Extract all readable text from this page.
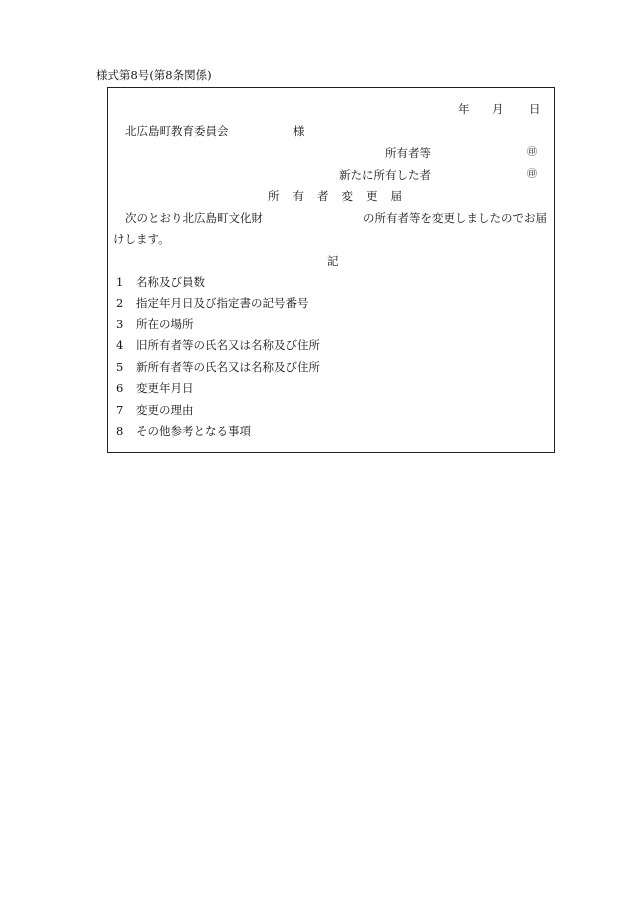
様式第8号(第8条関係)
年 月 日
北広島町教育委員会	様
所有者等	㊞
新たに所有した者	㊞
所有者変更届
次のとおり北広島町文化財	の所有者等を変更しましたのでお届
けします。
記
1 名称及び員数
2 指定年月日及び指定書の記号番号
3 所在の場所
4 旧所有者等の氏名又は名称及び住所
5 新所有者等の氏名又は名称及び住所
6 変更年月日
7 変更の理由
8 その他参考となる事項
